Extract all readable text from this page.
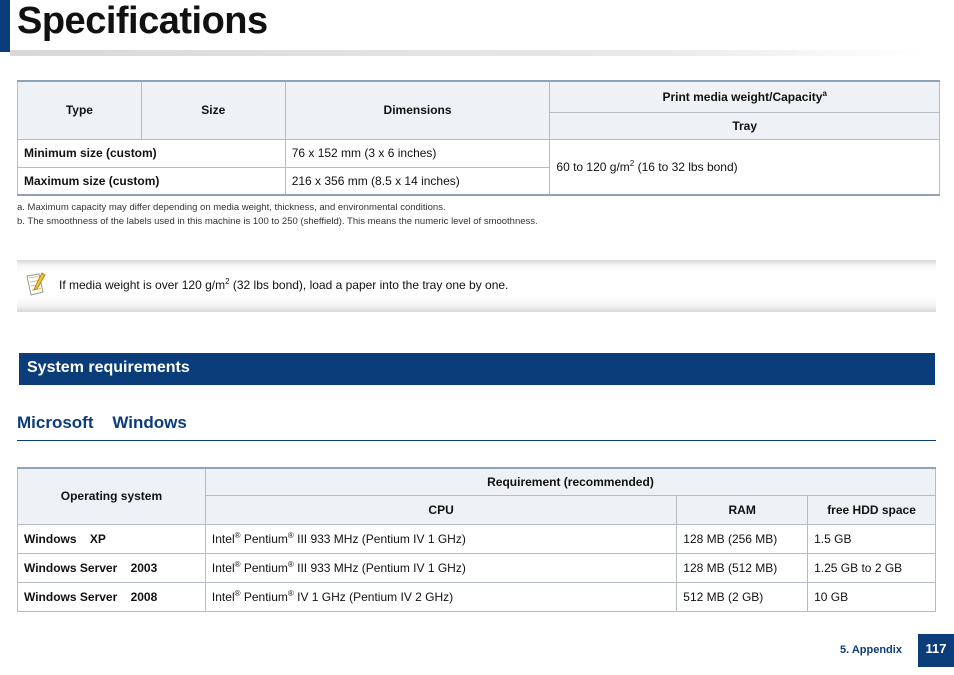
Specifications
Type	Size	Dimensions	Print media weight/Capacity$^a$
			Tray
Minimum size (custom)		76 x 152 mm (3 x 6 inches)	60 to 120 $g/m^2$ (16 to 32 lbs bond)
Maximum size (custom)		216 x 356 mm (8.5 x 14 inches)	
a. Maximum capacity may differ depending on media weight, thickness, and environmental conditions.
b. The smoothness of the labels used in this machine is 100 to 250 (sheffield). This means the numeric level of smoothness.
If media weight is over 120 $g/m^2$ (32 lbs bond), load a paper into the tray one by one.
System requirements
Microsoft    Windows
Operating system	Requirement (recommended)		
	CPU	RAM	free HDD space
Windows    XP	Intel® Pentium® III 933 MHz (Pentium IV 1 GHz)	128 MB (256 MB)	1.5 GB
Windows Server    2003	Intel® Pentium® III 933 MHz (Pentium IV 1 GHz)	128 MB (512 MB)	1.25 GB to 2 GB
Windows Server    2008	Intel® Pentium® IV 1 GHz (Pentium IV 2 GHz)	512 MB (2 GB)	10 GB
5. Appendix	117
